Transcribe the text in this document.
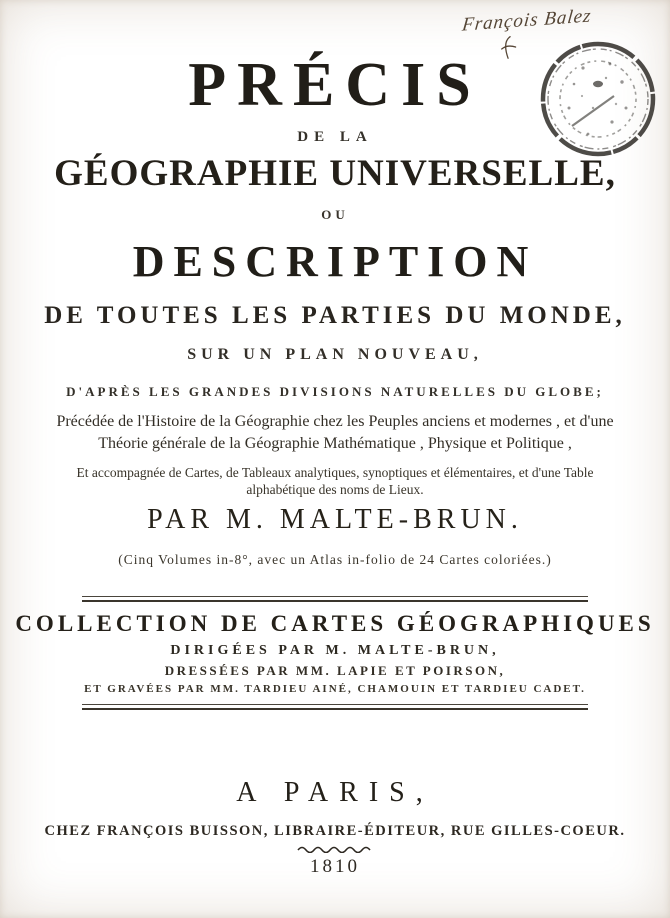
François Balez
PRÉCIS
DE LA
GÉOGRAPHIE UNIVERSELLE,
OU
DESCRIPTION
DE TOUTES LES PARTIES DU MONDE,
SUR UN PLAN NOUVEAU,
D'APRÈS LES GRANDES DIVISIONS NATURELLES DU GLOBE;
Précédée de l'Histoire de la Géographie chez les Peuples anciens et modernes , et d'une
Théorie générale de la Géographie Mathématique , Physique et Politique ,
Et accompagnée de Cartes, de Tableaux analytiques, synoptiques et élémentaires, et d'une Table
alphabétique des noms de Lieux.
PAR M. MALTE-BRUN.
(Cinq Volumes in-8°, avec un Atlas in-folio de 24 Cartes coloriées.)
COLLECTION DE CARTES GÉOGRAPHIQUES
DIRIGÉES PAR M. MALTE-BRUN,
DRESSÉES PAR MM. LAPIE ET POIRSON,
ET GRAVÉES PAR MM. TARDIEU AINÉ, CHAMOUIN ET TARDIEU CADET.
A PARIS,
CHEZ FRANÇOIS BUISSON, LIBRAIRE-ÉDITEUR, RUE GILLES-COEUR.
1810
